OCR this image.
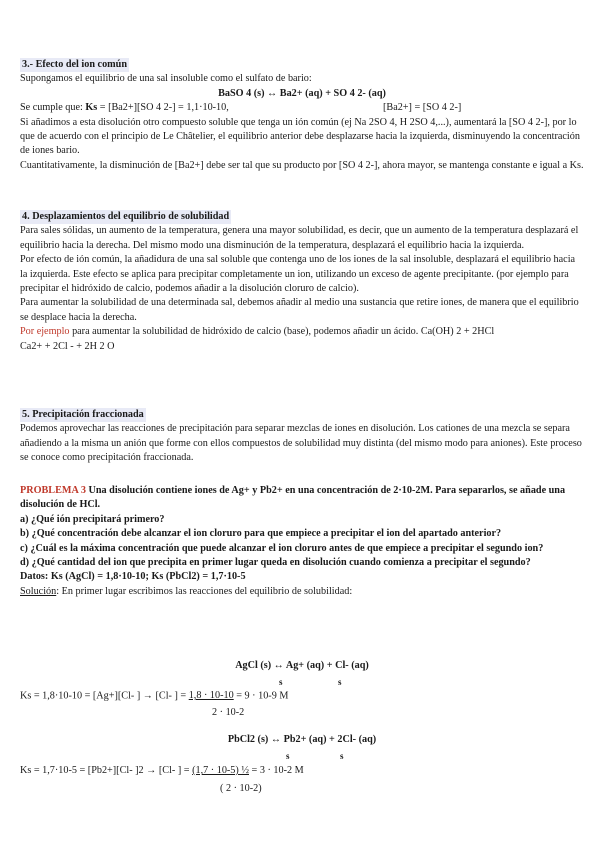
3.- Efecto del ion común

Supongamos el equilibrio de una sal insoluble como el sulfato de bario:

BaSO 4 (s) ↔ Ba2+ (aq) + SO 4 2- (aq)

Se cumple que: Ks = [Ba2+][SO 4 2-] = 1,1·10-10,	[Ba2+] = [SO 4 2-]

Si añadimos a esta disolución otro compuesto soluble que tenga un ión común (ej Na 2SO 4, H 2SO 4,...), aumentará la [SO 4 2-], por lo que de acuerdo con el principio de Le Châtelier, el equilibrio anterior debe desplazarse hacia la izquierda, disminuyendo la concentración de iones bario.

Cuantitativamente, la disminución de [Ba2+] debe ser tal que su producto por [SO 4 2-], ahora mayor, se mantenga constante e igual a Ks.

4. Desplazamientos del equilibrio de solubilidad

Para sales sólidas, un aumento de la temperatura, genera una mayor solubilidad, es decir, que un aumento de la temperatura desplazará el equilibrio hacia la derecha. Del mismo modo una disminución de la temperatura, desplazará el equilibrio hacia la izquierda.

Por efecto de ión común, la añadidura de una sal soluble que contenga uno de los iones de la sal insoluble, desplazará el equilibrio hacia la izquierda. Este efecto se aplica para precipitar completamente un ion, utilizando un exceso de agente precipitante. (por ejemplo para precipitar el hidróxido de calcio, podemos añadir a la disolución cloruro de calcio).

Para aumentar la solubilidad de una determinada sal, debemos añadir al medio una sustancia que retire iones, de manera que el equilibrio se desplace hacia la derecha.

Por ejemplo para aumentar la solubilidad de hidróxido de calcio (base), podemos añadir un ácido. Ca(OH) 2 + 2HCl

Ca2+ + 2Cl - + 2H 2 O

5. Precipitación fraccionada

Podemos aprovechar las reacciones de precipitación para separar mezclas de iones en disolución. Los cationes de una mezcla se separa añadiendo a la misma un anión que forme con ellos compuestos de solubilidad muy distinta (del mismo modo para aniones). Este proceso se conoce como precipitación fraccionada.

PROBLEMA 3 Una disolución contiene iones de Ag+ y Pb2+ en una concentración de 2·10-2M. Para separarlos, se añade una disolución de HCl.

a) ¿Qué ión precipitará primero?

b) ¿Qué concentración debe alcanzar el ion cloruro para que empiece a precipitar el ion del apartado anterior?

c) ¿Cuál es la máxima concentración que puede alcanzar el ion cloruro antes de que empiece a precipitar el segundo ion?

d) ¿Qué cantidad del ion que precipita en primer lugar queda en disolución cuando comienza a precipitar el segundo?

Datos: Ks (AgCl) = 1,8·10-10; Ks (PbCl2) = 1,7·10-5

Solución: En primer lugar escribimos las reacciones del equilibrio de solubilidad:

AgCl (s) ↔ Ag+ (aq) + Cl- (aq)
s	s
Ks = 1,8·10-10 = [Ag+][Cl- ] → [Cl- ] = 1,8 · 10-10 = 9 · 10-9 M
2 · 10-2
PbCl2 (s) ↔ Pb2+ (aq) + 2Cl- (aq)
s	s
Ks = 1,7·10-5 = [Pb2+][Cl- ]2 → [Cl- ] = (1,7 · 10-5) ½ = 3 · 10-2 M
( 2 · 10-2)
